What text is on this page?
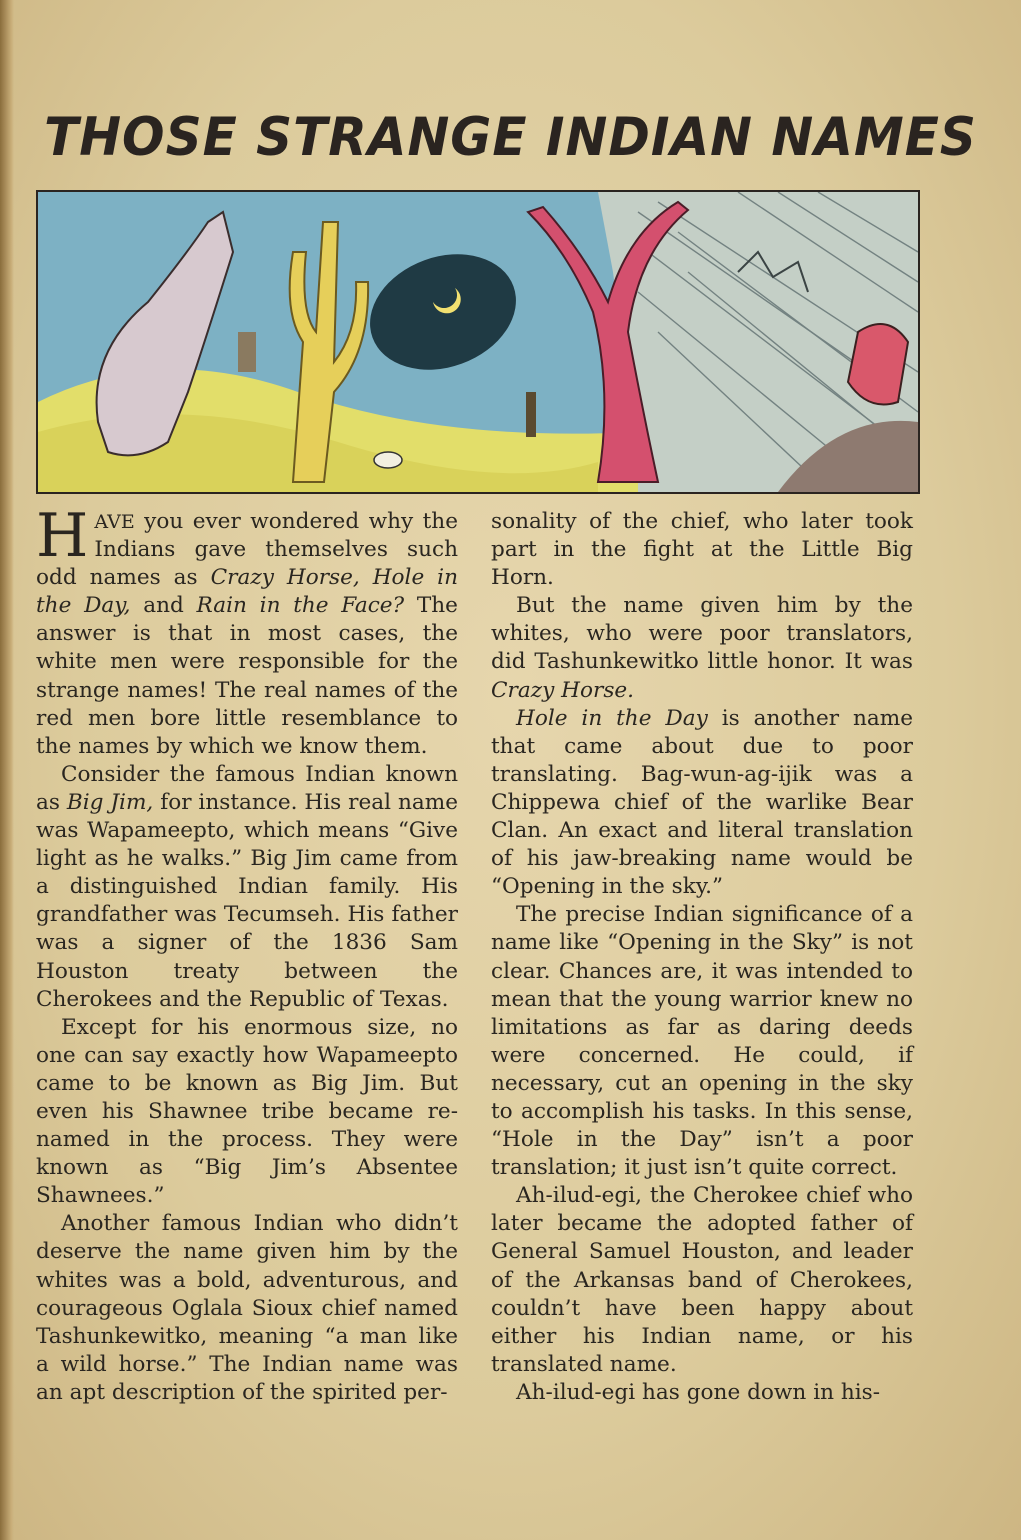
THOSE STRANGE INDIAN NAMES

HAVE you ever wondered why the Indians gave themselves such odd names as Crazy Horse, Hole in the Day, and Rain in the Face? The answer is that in most cases, the white men were responsible for the strange names! The real names of the red men bore little resemblance to the names by which we know them.

Consider the famous Indian known as Big Jim, for instance. His real name was Wapameepto, which means “Give light as he walks.” Big Jim came from a distinguished Indian family. His grandfather was Tecumseh. His father was a signer of the 1836 Sam Houston treaty between the Cherokees and the Republic of Texas.

Except for his enormous size, no one can say exactly how Wapameepto came to be known as Big Jim. But even his Shawnee tribe became re-named in the process. They were known as “Big Jim’s Absentee Shawnees.”

Another famous Indian who didn’t deserve the name given him by the whites was a bold, adventurous, and courageous Oglala Sioux chief named Tashunkewitko, meaning “a man like a wild horse.” The Indian name was an apt description of the spirited per-

sonality of the chief, who later took part in the fight at the Little Big Horn.

But the name given him by the whites, who were poor translators, did Tashunkewitko little honor. It was Crazy Horse.

Hole in the Day is another name that came about due to poor translating. Bag-wun-ag-ijik was a Chippewa chief of the warlike Bear Clan. An exact and literal translation of his jaw-breaking name would be “Opening in the sky.”

The precise Indian significance of a name like “Opening in the Sky” is not clear. Chances are, it was intended to mean that the young warrior knew no limitations as far as daring deeds were concerned. He could, if necessary, cut an opening in the sky to accomplish his tasks. In this sense, “Hole in the Day” isn’t a poor translation; it just isn’t quite correct.

Ah-ilud-egi, the Cherokee chief who later became the adopted father of General Samuel Houston, and leader of the Arkansas band of Cherokees, couldn’t have been happy about either his Indian name, or his translated name.

Ah-ilud-egi has gone down in his-
